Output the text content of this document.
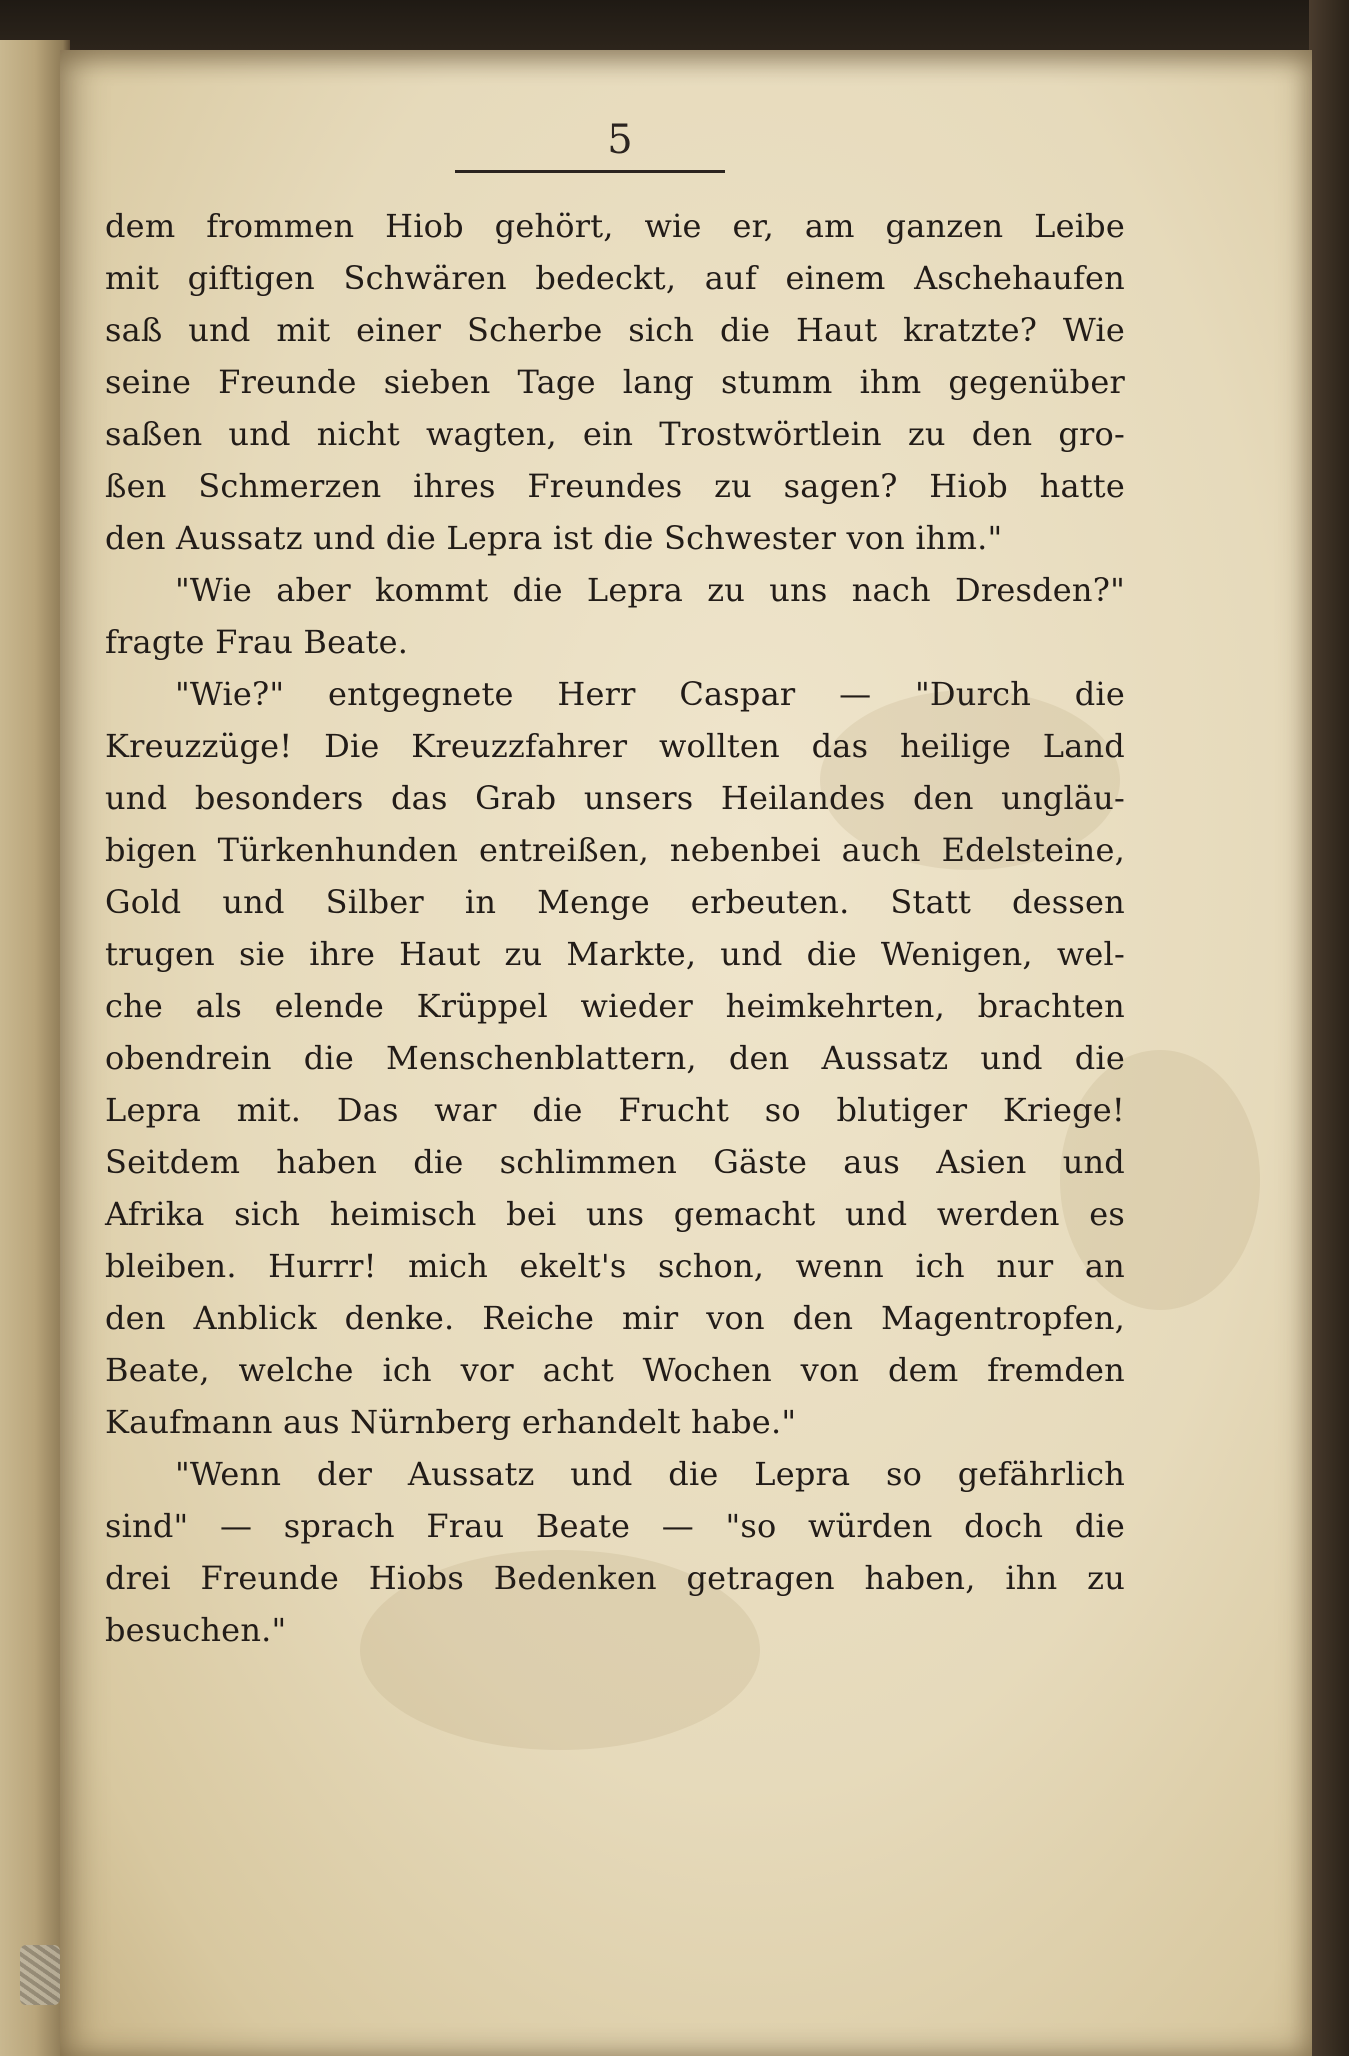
5
dem frommen Hiob gehört, wie er, am ganzen Leibe
mit giftigen Schwären bedeckt, auf einem Aschehaufen
saß und mit einer Scherbe sich die Haut kratzte? Wie
seine Freunde sieben Tage lang stumm ihm gegenüber
saßen und nicht wagten, ein Trostwörtlein zu den gro-
ßen Schmerzen ihres Freundes zu sagen? Hiob hatte
den Aussatz und die Lepra ist die Schwester von ihm."
"Wie aber kommt die Lepra zu uns nach Dresden?"
fragte Frau Beate.
"Wie?" entgegnete Herr Caspar — "Durch die
Kreuzzüge! Die Kreuzzfahrer wollten das heilige Land
und besonders das Grab unsers Heilandes den ungläu-
bigen Türkenhunden entreißen, nebenbei auch Edelsteine,
Gold und Silber in Menge erbeuten. Statt dessen
trugen sie ihre Haut zu Markte, und die Wenigen, wel-
che als elende Krüppel wieder heimkehrten, brachten
obendrein die Menschenblattern, den Aussatz und die
Lepra mit. Das war die Frucht so blutiger Kriege!
Seitdem haben die schlimmen Gäste aus Asien und
Afrika sich heimisch bei uns gemacht und werden es
bleiben. Hurrr! mich ekelt's schon, wenn ich nur an
den Anblick denke. Reiche mir von den Magentropfen,
Beate, welche ich vor acht Wochen von dem fremden
Kaufmann aus Nürnberg erhandelt habe."
"Wenn der Aussatz und die Lepra so gefährlich
sind" — sprach Frau Beate — "so würden doch die
drei Freunde Hiobs Bedenken getragen haben, ihn zu
besuchen."
